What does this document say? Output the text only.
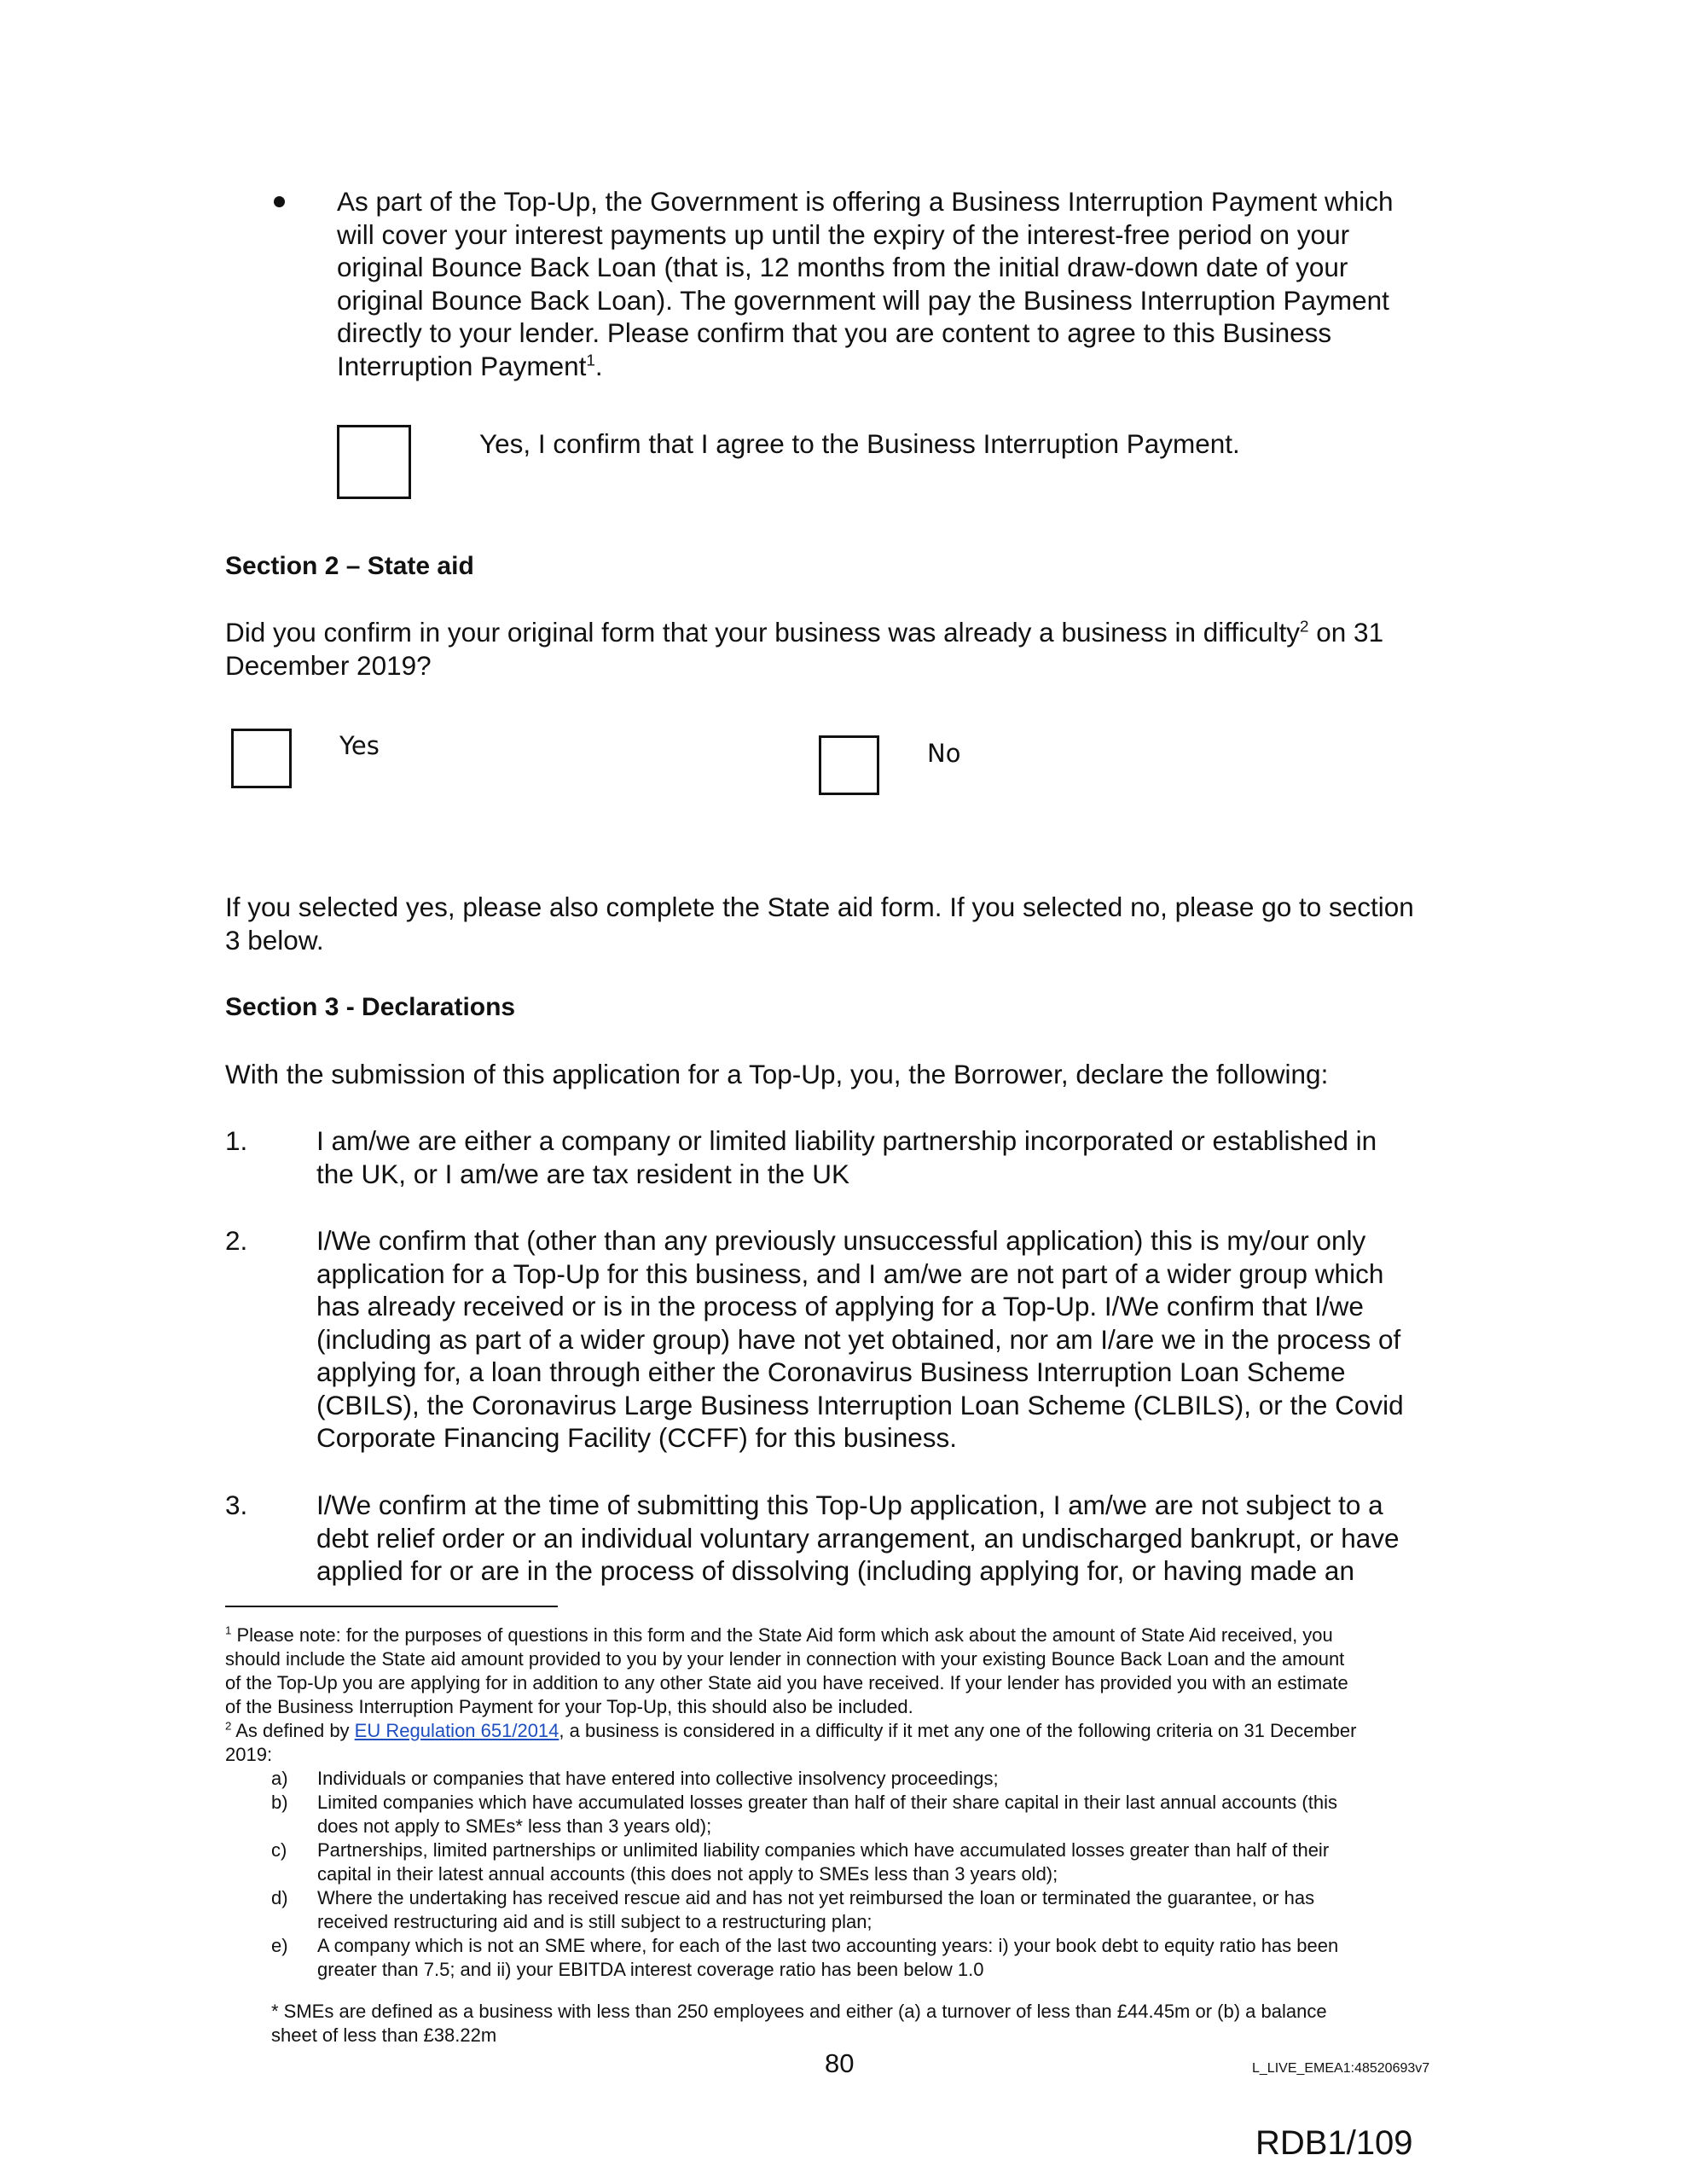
As part of the Top-Up, the Government is offering a Business Interruption Payment which
will cover your interest payments up until the expiry of the interest-free period on your
original Bounce Back Loan (that is, 12 months from the initial draw-down date of your
original Bounce Back Loan). The government will pay the Business Interruption Payment
directly to your lender. Please confirm that you are content to agree to this Business
Interruption Payment$^1$.
Yes, I confirm that I agree to the Business Interruption Payment.
Section 2 – State aid
Did you confirm in your original form that your business was already a business in difficulty$^2$ on 31
December 2019?
Yes	No
If you selected yes, please also complete the State aid form. If you selected no, please go to section
3 below.
Section 3 - Declarations
With the submission of this application for a Top-Up, you, the Borrower, declare the following:
1.	I am/we are either a company or limited liability partnership incorporated or established in
the UK, or I am/we are tax resident in the UK
2.	I/We confirm that (other than any previously unsuccessful application) this is my/our only
application for a Top-Up for this business, and I am/we are not part of a wider group which
has already received or is in the process of applying for a Top-Up. I/We confirm that I/we
(including as part of a wider group) have not yet obtained, nor am I/are we in the process of
applying for, a loan through either the Coronavirus Business Interruption Loan Scheme
(CBILS), the Coronavirus Large Business Interruption Loan Scheme (CLBILS), or the Covid
Corporate Financing Facility (CCFF) for this business.
3.	I/We confirm at the time of submitting this Top-Up application, I am/we are not subject to a
debt relief order or an individual voluntary arrangement, an undischarged bankrupt, or have
applied for or are in the process of dissolving (including applying for, or having made an
$^1$ Please note: for the purposes of questions in this form and the State Aid form which ask about the amount of State Aid received, you
should include the State aid amount provided to you by your lender in connection with your existing Bounce Back Loan and the amount
of the Top-Up you are applying for in addition to any other State aid you have received. If your lender has provided you with an estimate
of the Business Interruption Payment for your Top-Up, this should also be included.
$^2$ As defined by EU Regulation 651/2014, a business is considered in a difficulty if it met any one of the following criteria on 31 December
2019:
a) Individuals or companies that have entered into collective insolvency proceedings;
b) Limited companies which have accumulated losses greater than half of their share capital in their last annual accounts (this
does not apply to SMEs* less than 3 years old);
c) Partnerships, limited partnerships or unlimited liability companies which have accumulated losses greater than half of their
capital in their latest annual accounts (this does not apply to SMEs less than 3 years old);
d) Where the undertaking has received rescue aid and has not yet reimbursed the loan or terminated the guarantee, or has
received restructuring aid and is still subject to a restructuring plan;
e) A company which is not an SME where, for each of the last two accounting years: i) your book debt to equity ratio has been
greater than 7.5; and ii) your EBITDA interest coverage ratio has been below 1.0
* SMEs are defined as a business with less than 250 employees and either (a) a turnover of less than £44.45m or (b) a balance
sheet of less than £38.22m
80	L_LIVE_EMEA1:48520693v7
RDB1/109
